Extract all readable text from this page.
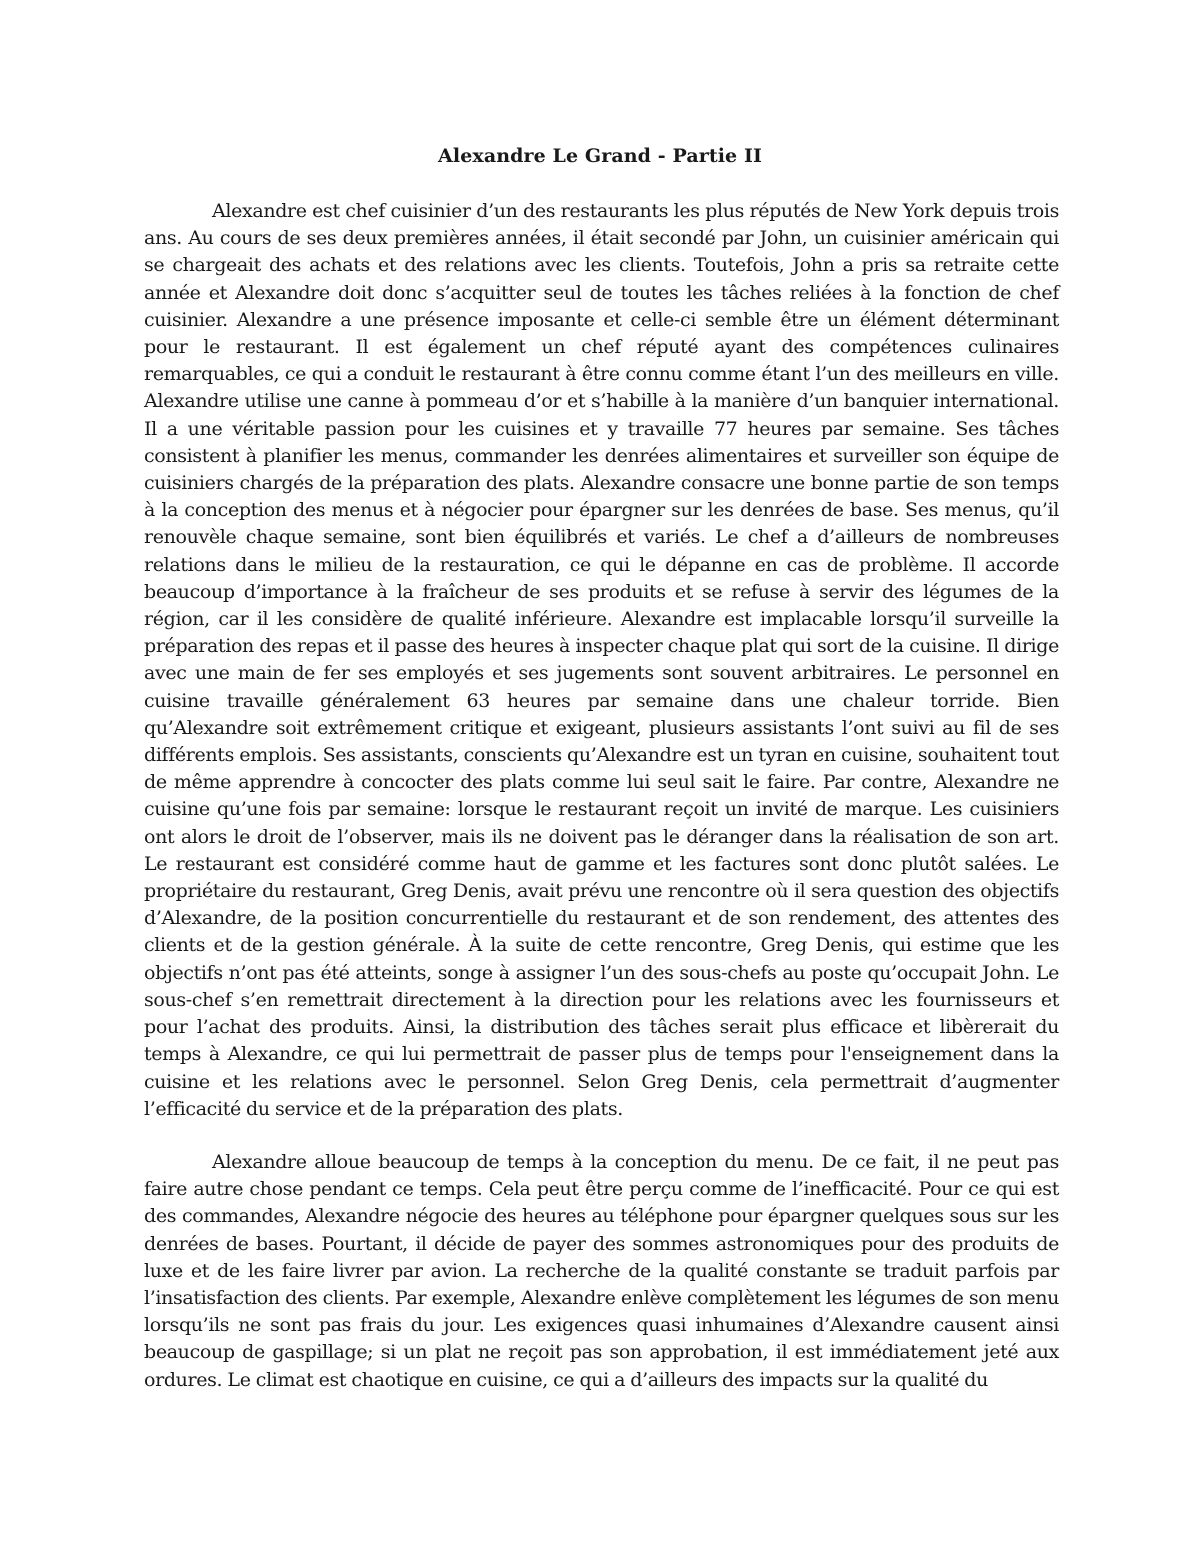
Alexandre Le Grand - Partie II

Alexandre est chef cuisinier d’un des restaurants les plus réputés de New York depuis trois ans. Au cours de ses deux premières années, il était secondé par John, un cuisinier américain qui se chargeait des achats et des relations avec les clients. Toutefois, John a pris sa retraite cette année et Alexandre doit donc s’acquitter seul de toutes les tâches reliées à la fonction de chef cuisinier. Alexandre a une présence imposante et celle-ci semble être un élément déterminant pour le restaurant. Il est également un chef réputé ayant des compétences culinaires remarquables, ce qui a conduit le restaurant à être connu comme étant l’un des meilleurs en ville. Alexandre utilise une canne à pommeau d’or et s’habille à la manière d’un banquier international. Il a une véritable passion pour les cuisines et y travaille 77 heures par semaine. Ses tâches consistent à planifier les menus, commander les denrées alimentaires et surveiller son équipe de cuisiniers chargés de la préparation des plats. Alexandre consacre une bonne partie de son temps à la conception des menus et à négocier pour épargner sur les denrées de base. Ses menus, qu’il renouvèle chaque semaine, sont bien équilibrés et variés. Le chef a d’ailleurs de nombreuses relations dans le milieu de la restauration, ce qui le dépanne en cas de problème. Il accorde beaucoup d’importance à la fraîcheur de ses produits et se refuse à servir des légumes de la région, car il les considère de qualité inférieure. Alexandre est implacable lorsqu’il surveille la préparation des repas et il passe des heures à inspecter chaque plat qui sort de la cuisine. Il dirige avec une main de fer ses employés et ses jugements sont souvent arbitraires. Le personnel en cuisine travaille généralement 63 heures par semaine dans une chaleur torride. Bien qu’Alexandre soit extrêmement critique et exigeant, plusieurs assistants l’ont suivi au fil de ses différents emplois. Ses assistants, conscients qu’Alexandre est un tyran en cuisine, souhaitent tout de même apprendre à concocter des plats comme lui seul sait le faire. Par contre, Alexandre ne cuisine qu’une fois par semaine: lorsque le restaurant reçoit un invité de marque. Les cuisiniers ont alors le droit de l’observer, mais ils ne doivent pas le déranger dans la réalisation de son art. Le restaurant est considéré comme haut de gamme et les factures sont donc plutôt salées. Le propriétaire du restaurant, Greg Denis, avait prévu une rencontre où il sera question des objectifs d’Alexandre, de la position concurrentielle du restaurant et de son rendement, des attentes des clients et de la gestion générale. À la suite de cette rencontre, Greg Denis, qui estime que les objectifs n’ont pas été atteints, songe à assigner l’un des sous-chefs au poste qu’occupait John. Le sous-chef s’en remettrait directement à la direction pour les relations avec les fournisseurs et pour l’achat des produits. Ainsi, la distribution des tâches serait plus efficace et libèrerait du temps à Alexandre, ce qui lui permettrait de passer plus de temps pour l'enseignement dans la cuisine et les relations avec le personnel. Selon Greg Denis, cela permettrait d’augmenter l’efficacité du service et de la préparation des plats.

Alexandre alloue beaucoup de temps à la conception du menu. De ce fait, il ne peut pas faire autre chose pendant ce temps. Cela peut être perçu comme de l’inefficacité. Pour ce qui est des commandes, Alexandre négocie des heures au téléphone pour épargner quelques sous sur les denrées de bases. Pourtant, il décide de payer des sommes astronomiques pour des produits de luxe et de les faire livrer par avion. La recherche de la qualité constante se traduit parfois par l’insatisfaction des clients. Par exemple, Alexandre enlève complètement les légumes de son menu lorsqu’ils ne sont pas frais du jour. Les exigences quasi inhumaines d’Alexandre causent ainsi beaucoup de gaspillage; si un plat ne reçoit pas son approbation, il est immédiatement jeté aux ordures. Le climat est chaotique en cuisine, ce qui a d’ailleurs des impacts sur la qualité du
